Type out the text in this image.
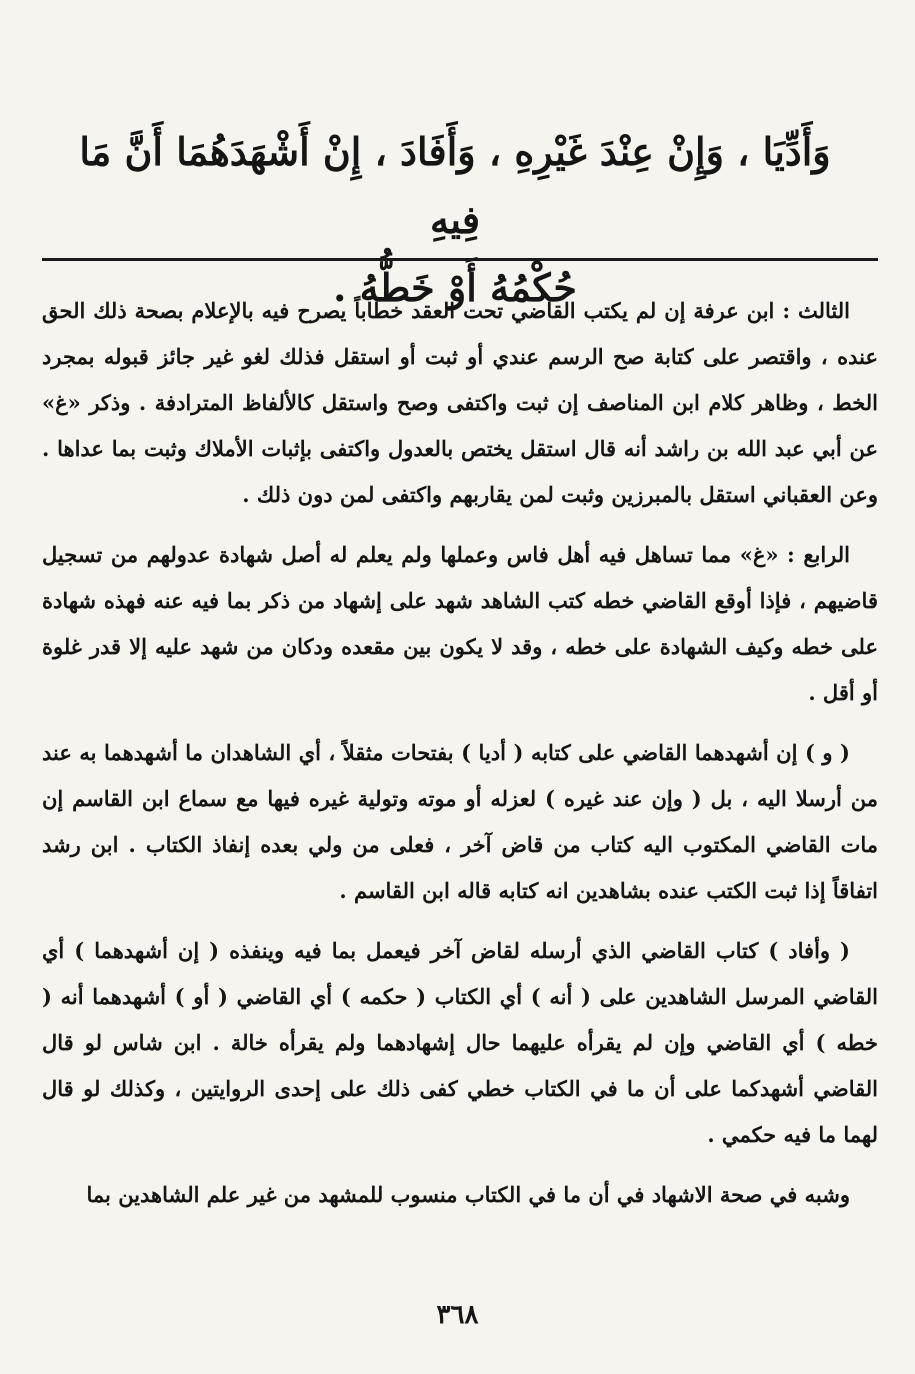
وَأَدِّيَا ، وَإِنْ عِنْدَ غَيْرِهِ ، وَأَفَادَ ، إِنْ أَشْهَدَهُمَا أَنَّ مَا فِيهِ
حُكْمُهُ أَوْ خَطُّهُ .

الثالث : ابن عرفة إن لم يكتب القاضي تحت العقد خطاباً يصرح فيه بالإعلام بصحة ذلك الحق عنده ، واقتصر على كتابة صح الرسم عندي أو ثبت أو استقل فذلك لغو غير جائز قبوله بمجرد الخط ، وظاهر كلام ابن المناصف إن ثبت واكتفى وصح واستقل كالألفاظ المترادفة . وذكر «غ» عن أبي عبد الله بن راشد أنه قال استقل يختص بالعدول واكتفى بإثبات الأملاك وثبت بما عداها . وعن العقباني استقل بالمبرزين وثبت لمن يقاربهم واكتفى لمن دون ذلك .

الرابع : «غ» مما تساهل فيه أهل فاس وعملها ولم يعلم له أصل شهادة عدولهم من تسجيل قاضيهم ، فإذا أوقع القاضي خطه كتب الشاهد شهد على إشهاد من ذكر بما فيه عنه فهذه شهادة على خطه وكيف الشهادة على خطه ، وقد لا يكون بين مقعده ودكان من شهد عليه إلا قدر غلوة أو أقل .

( و ) إن أشهدهما القاضي على كتابه ( أديا ) بفتحات مثقلاً ، أي الشاهدان ما أشهدهما به عند من أرسلا اليه ، بل ( وإن عند غيره ) لعزله أو موته وتولية غيره فيها مع سماع ابن القاسم إن مات القاضي المكتوب اليه كتاب من قاض آخر ، فعلى من ولي بعده إنفاذ الكتاب . ابن رشد اتفاقاً إذا ثبت الكتب عنده بشاهدين انه كتابه قاله ابن القاسم .

( وأفاد ) كتاب القاضي الذي أرسله لقاض آخر فيعمل بما فيه وينفذه ( إن أشهدهما ) أي القاضي المرسل الشاهدين على ( أنه ) أي الكتاب ( حكمه ) أي القاضي ( أو ) أشهدهما أنه ( خطه ) أي القاضي وإن لم يقرأه عليهما حال إشهادهما ولم يقرأه خالة . ابن شاس لو قال القاضي أشهدكما على أن ما في الكتاب خطي كفى ذلك على إحدى الروايتين ، وكذلك لو قال لهما ما فيه حكمي .

وشبه في صحة الاشهاد في أن ما في الكتاب منسوب للمشهد من غير علم الشاهدين بما

٣٦٨
